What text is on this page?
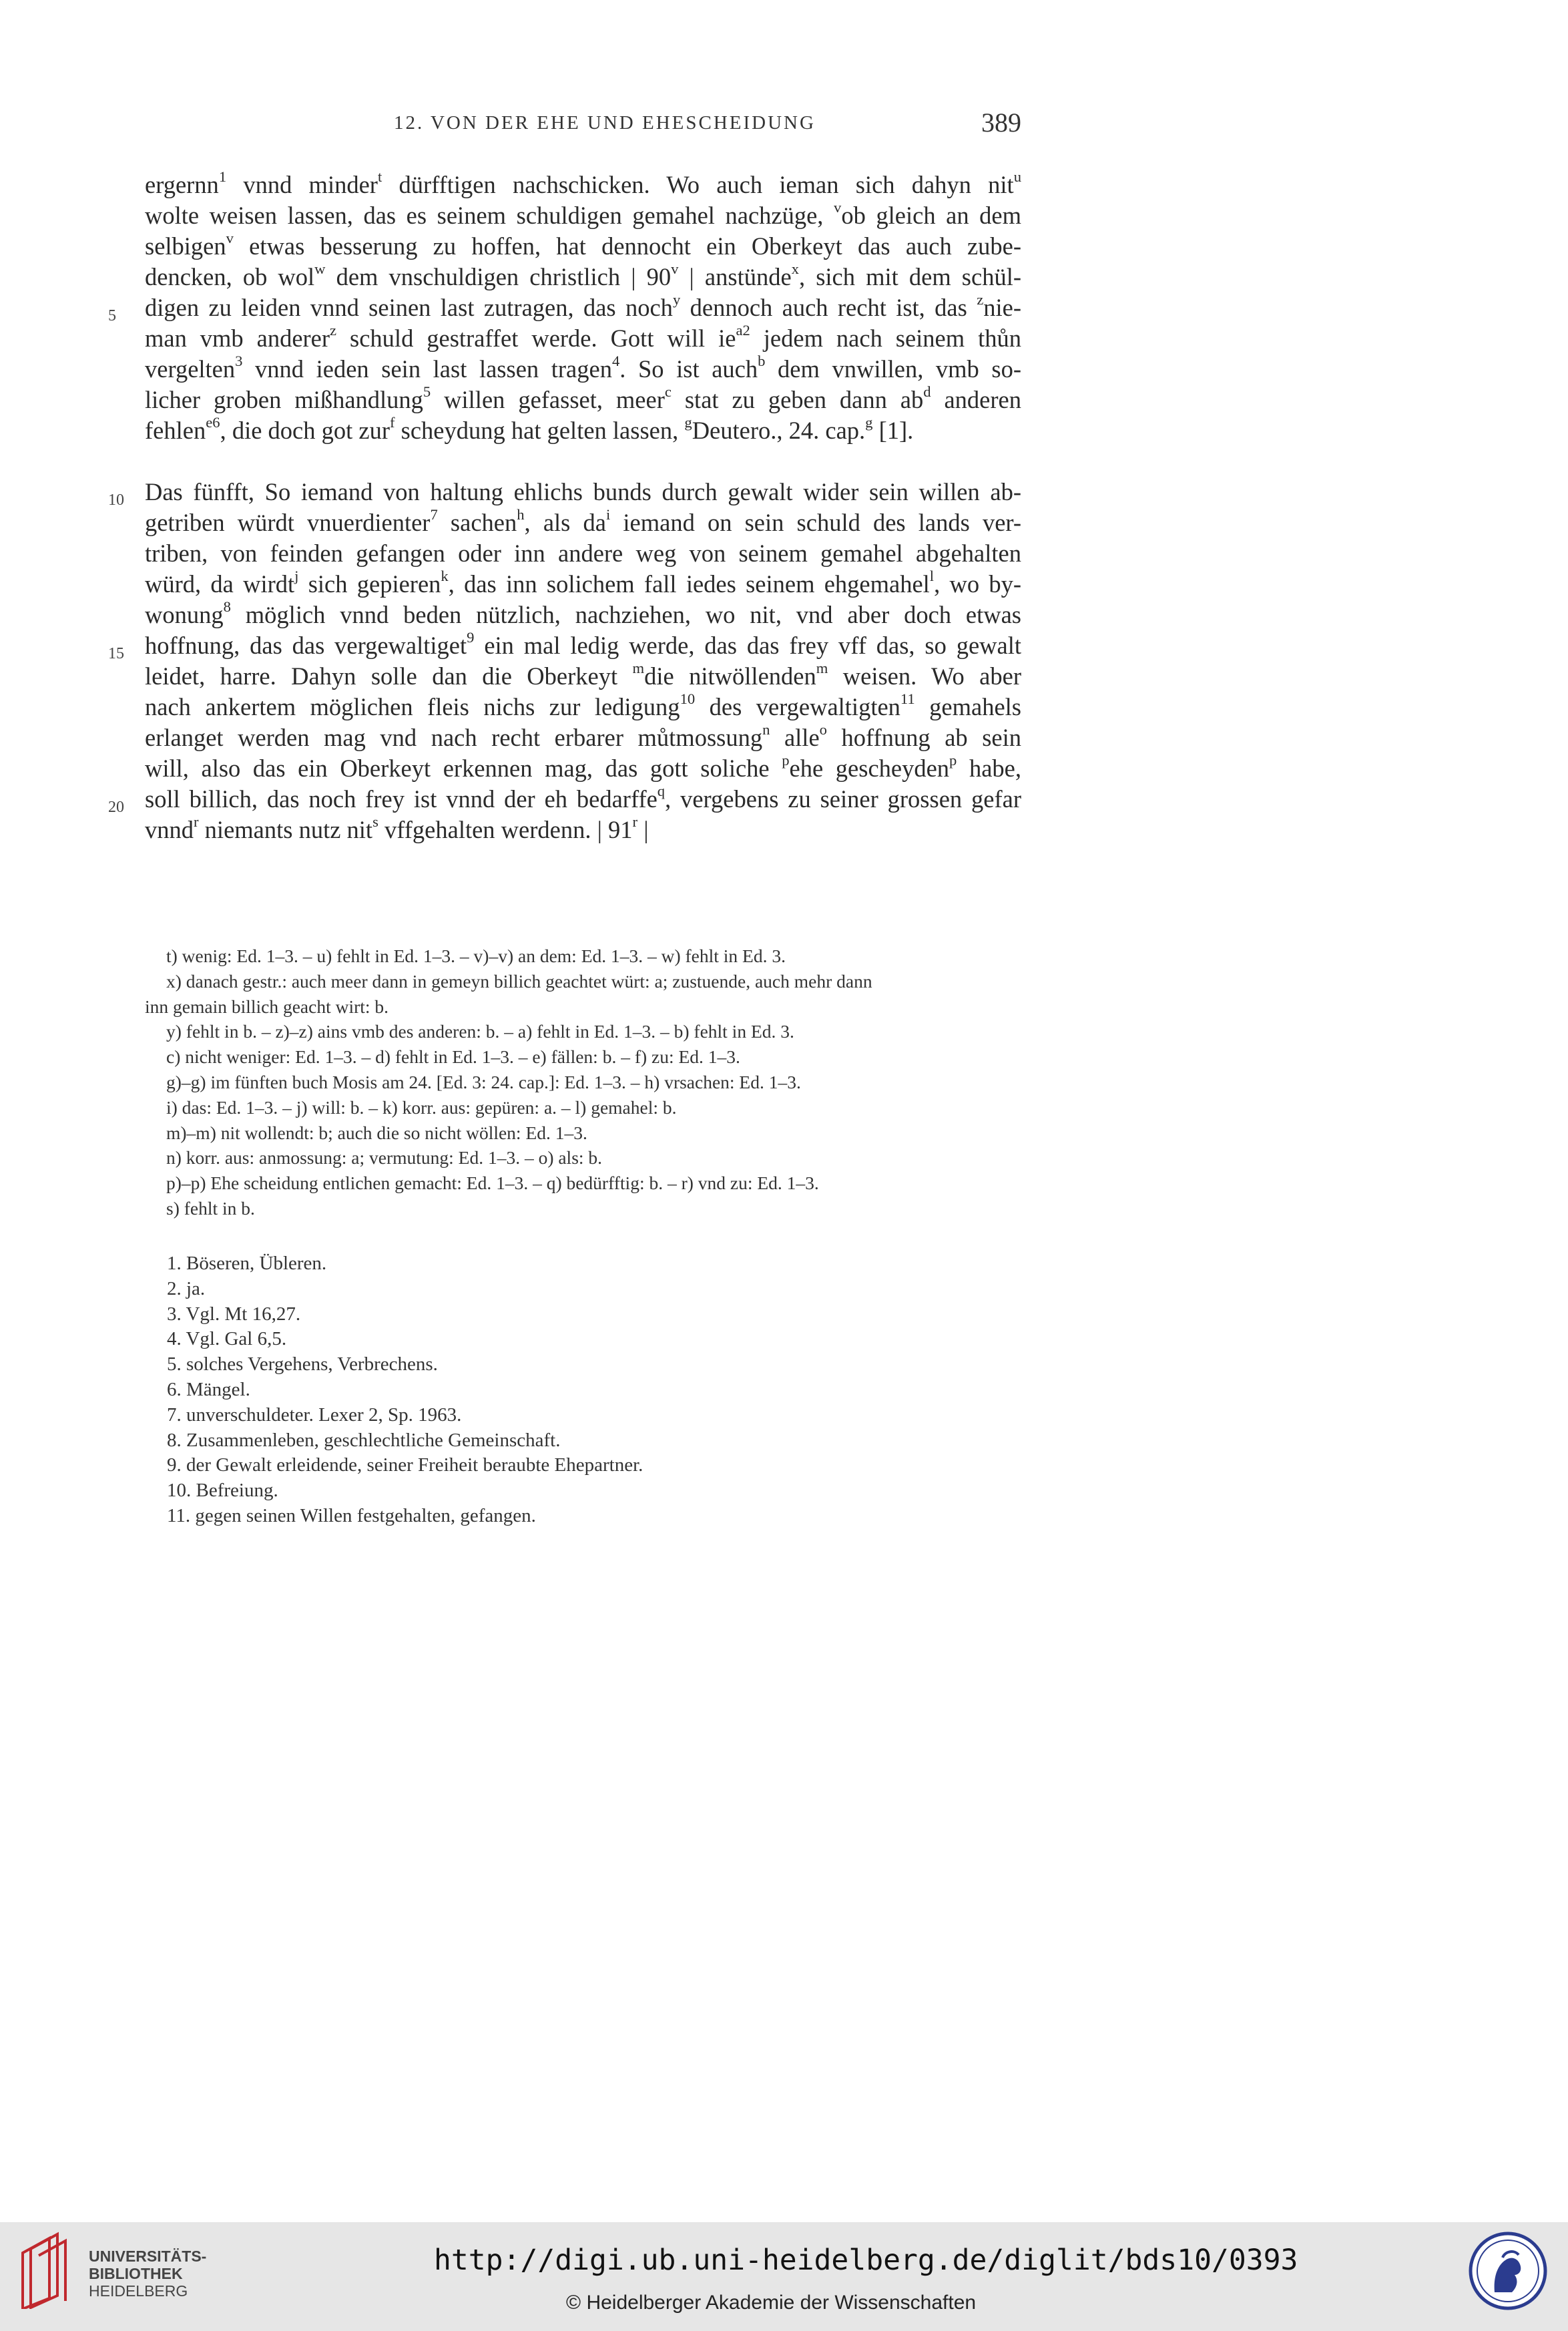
12. VON DER EHE UND EHESCHEIDUNG	389
5
10
15
20
ergernn$^1$ vnnd minder$^t$ dürfftigen nachschicken. Wo auch ieman sich dahyn nit$^u$
wolte weisen lassen, das es seinem schuldigen gemahel nachzüge, $^v$ob gleich an dem
selbigen$^v$ etwas besserung zu hoffen, hat dennocht ein Oberkeyt das auch zube-
dencken, ob wol$^w$ dem vnschuldigen christlich | 90$^v$ | anstünde$^x$, sich mit dem schül-
digen zu leiden vnnd seinen last zutragen, das noch$^y$ dennoch auch recht ist, das $^z$nie-
man vmb anderer$^z$ schuld gestraffet werde. Gott will $ie^{a2}$ jedem nach seinem thůn
vergelten$^3$ vnnd ieden sein last lassen tragen$^4$. So ist auch$^b$ dem vnwillen, vmb so-
licher groben mißhandlung$^5$ willen gefasset, meer$^c$ stat zu geben dann $ab^d$ anderen
fehlen$^{e6}$, die doch got zur$^f$ scheydung hat gelten lassen, $^g$Deutero., 24. cap.$^g$ [1].
Das fünfft, So iemand von haltung ehlichs bunds durch gewalt wider sein willen ab-
getriben würdt vnuerdienter$^7$ sachen$^h$, als $da^i$ iemand on sein schuld des lands ver-
triben, von feinden gefangen oder inn andere weg von seinem gemahel abgehalten
würd, da wirdt$^j$ sich gepieren$^k$, das inn solichem fall iedes seinem ehgemahel$^l$, wo by-
wonung$^8$ möglich vnnd beden nützlich, nachziehen, wo nit, vnd aber doch etwas
hoffnung, das das vergewaltiget$^9$ ein mal ledig werde, das das frey vff das, so gewalt
leidet, harre. Dahyn solle dan die Oberkeyt $^m$die nitwöllenden$^m$ weisen. Wo aber
nach ankertem möglichen fleis nichs zur ledigung$^{10}$ des vergewaltigten$^{11}$ gemahels
erlanget werden mag vnd nach recht erbarer můtmossung$^n$ alle$^o$ hoffnung ab sein
will, also das ein Oberkeyt erkennen mag, das gott soliche $^p$ehe gescheyden$^p$ habe,
soll billich, das noch frey ist vnnd der eh bedarffe$^q$, vergebens zu seiner grossen gefar
vnnd$^r$ niemants nutz nit$^s$ vffgehalten werdenn. | 91$^r$ |
t) wenig: Ed. 1–3. – u) fehlt in Ed. 1–3. – v)–v) an dem: Ed. 1–3. – w) fehlt in Ed. 3.
x) danach gestr.: auch meer dann in gemeyn billich geachtet würt: a; zustuende, auch mehr dann
inn gemain billich geacht wirt: b.
y) fehlt in b. – z)–z) ains vmb des anderen: b. – a) fehlt in Ed. 1–3. – b) fehlt in Ed. 3.
c) nicht weniger: Ed. 1–3. – d) fehlt in Ed. 1–3. – e) fällen: b. – f) zu: Ed. 1–3.
g)–g) im fünften buch Mosis am 24. [Ed. 3: 24. cap.]: Ed. 1–3. – h) vrsachen: Ed. 1–3.
i) das: Ed. 1–3. – j) will: b. – k) korr. aus: gepüren: a. – l) gemahel: b.
m)–m) nit wollendt: b; auch die so nicht wöllen: Ed. 1–3.
n) korr. aus: anmossung: a; vermutung: Ed. 1–3. – o) als: b.
p)–p) Ehe scheidung entlichen gemacht: Ed. 1–3. – q) bedürfftig: b. – r) vnd zu: Ed. 1–3.
s) fehlt in b.
1. Böseren, Übleren.
2. ja.
3. Vgl. Mt 16,27.
4. Vgl. Gal 6,5.
5. solches Vergehens, Verbrechens.
6. Mängel.
7. unverschuldeter. Lexer 2, Sp. 1963.
8. Zusammenleben, geschlechtliche Gemeinschaft.
9. der Gewalt erleidende, seiner Freiheit beraubte Ehepartner.
10. Befreiung.
11. gegen seinen Willen festgehalten, gefangen.
UNIVERSITÄTS-
BIBLIOTHEK
HEIDELBERG
http://digi.ub.uni-heidelberg.de/diglit/bds10/0393
© Heidelberger Akademie der Wissenschaften
